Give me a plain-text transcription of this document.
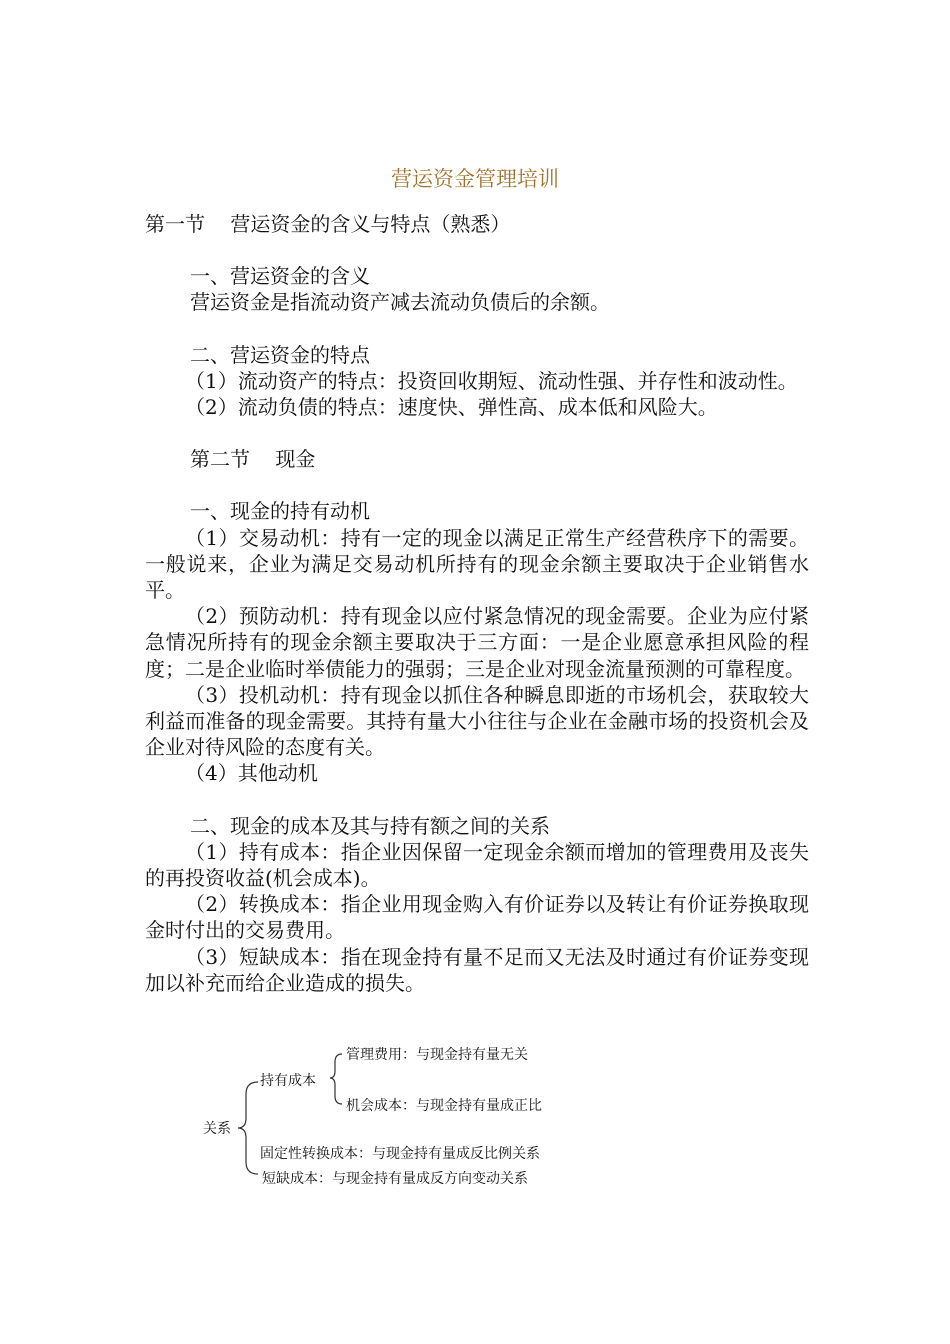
营运资金管理培训

第一节    营运资金的含义与特点（熟悉）

一、营运资金的含义

营运资金是指流动资产减去流动负债后的余额。

二、营运资金的特点

（1）流动资产的特点：投资回收期短、流动性强、并存性和波动性。

（2）流动负债的特点：速度快、弹性高、成本低和风险大。

第二节    现金

一、现金的持有动机

（1）交易动机：持有一定的现金以满足正常生产经营秩序下的需要。一般说来，企业为满足交易动机所持有的现金余额主要取决于企业销售水平。

（2）预防动机：持有现金以应付紧急情况的现金需要。企业为应付紧急情况所持有的现金余额主要取决于三方面：一是企业愿意承担风险的程度；二是企业临时举债能力的强弱；三是企业对现金流量预测的可靠程度。

（3）投机动机：持有现金以抓住各种瞬息即逝的市场机会，获取较大利益而准备的现金需要。其持有量大小往往与企业在金融市场的投资机会及企业对待风险的态度有关。

（4）其他动机

二、现金的成本及其与持有额之间的关系

（1）持有成本：指企业因保留一定现金余额而增加的管理费用及丧失的再投资收益(机会成本)。

（2）转换成本：指企业用现金购入有价证券以及转让有价证券换取现金时付出的交易费用。

（3）短缺成本：指在现金持有量不足而又无法及时通过有价证券变现加以补充而给企业造成的损失。

关系
持有成本
管理费用：与现金持有量无关
机会成本：与现金持有量成正比
固定性转换成本：与现金持有量成反比例关系
短缺成本：与现金持有量成反方向变动关系
